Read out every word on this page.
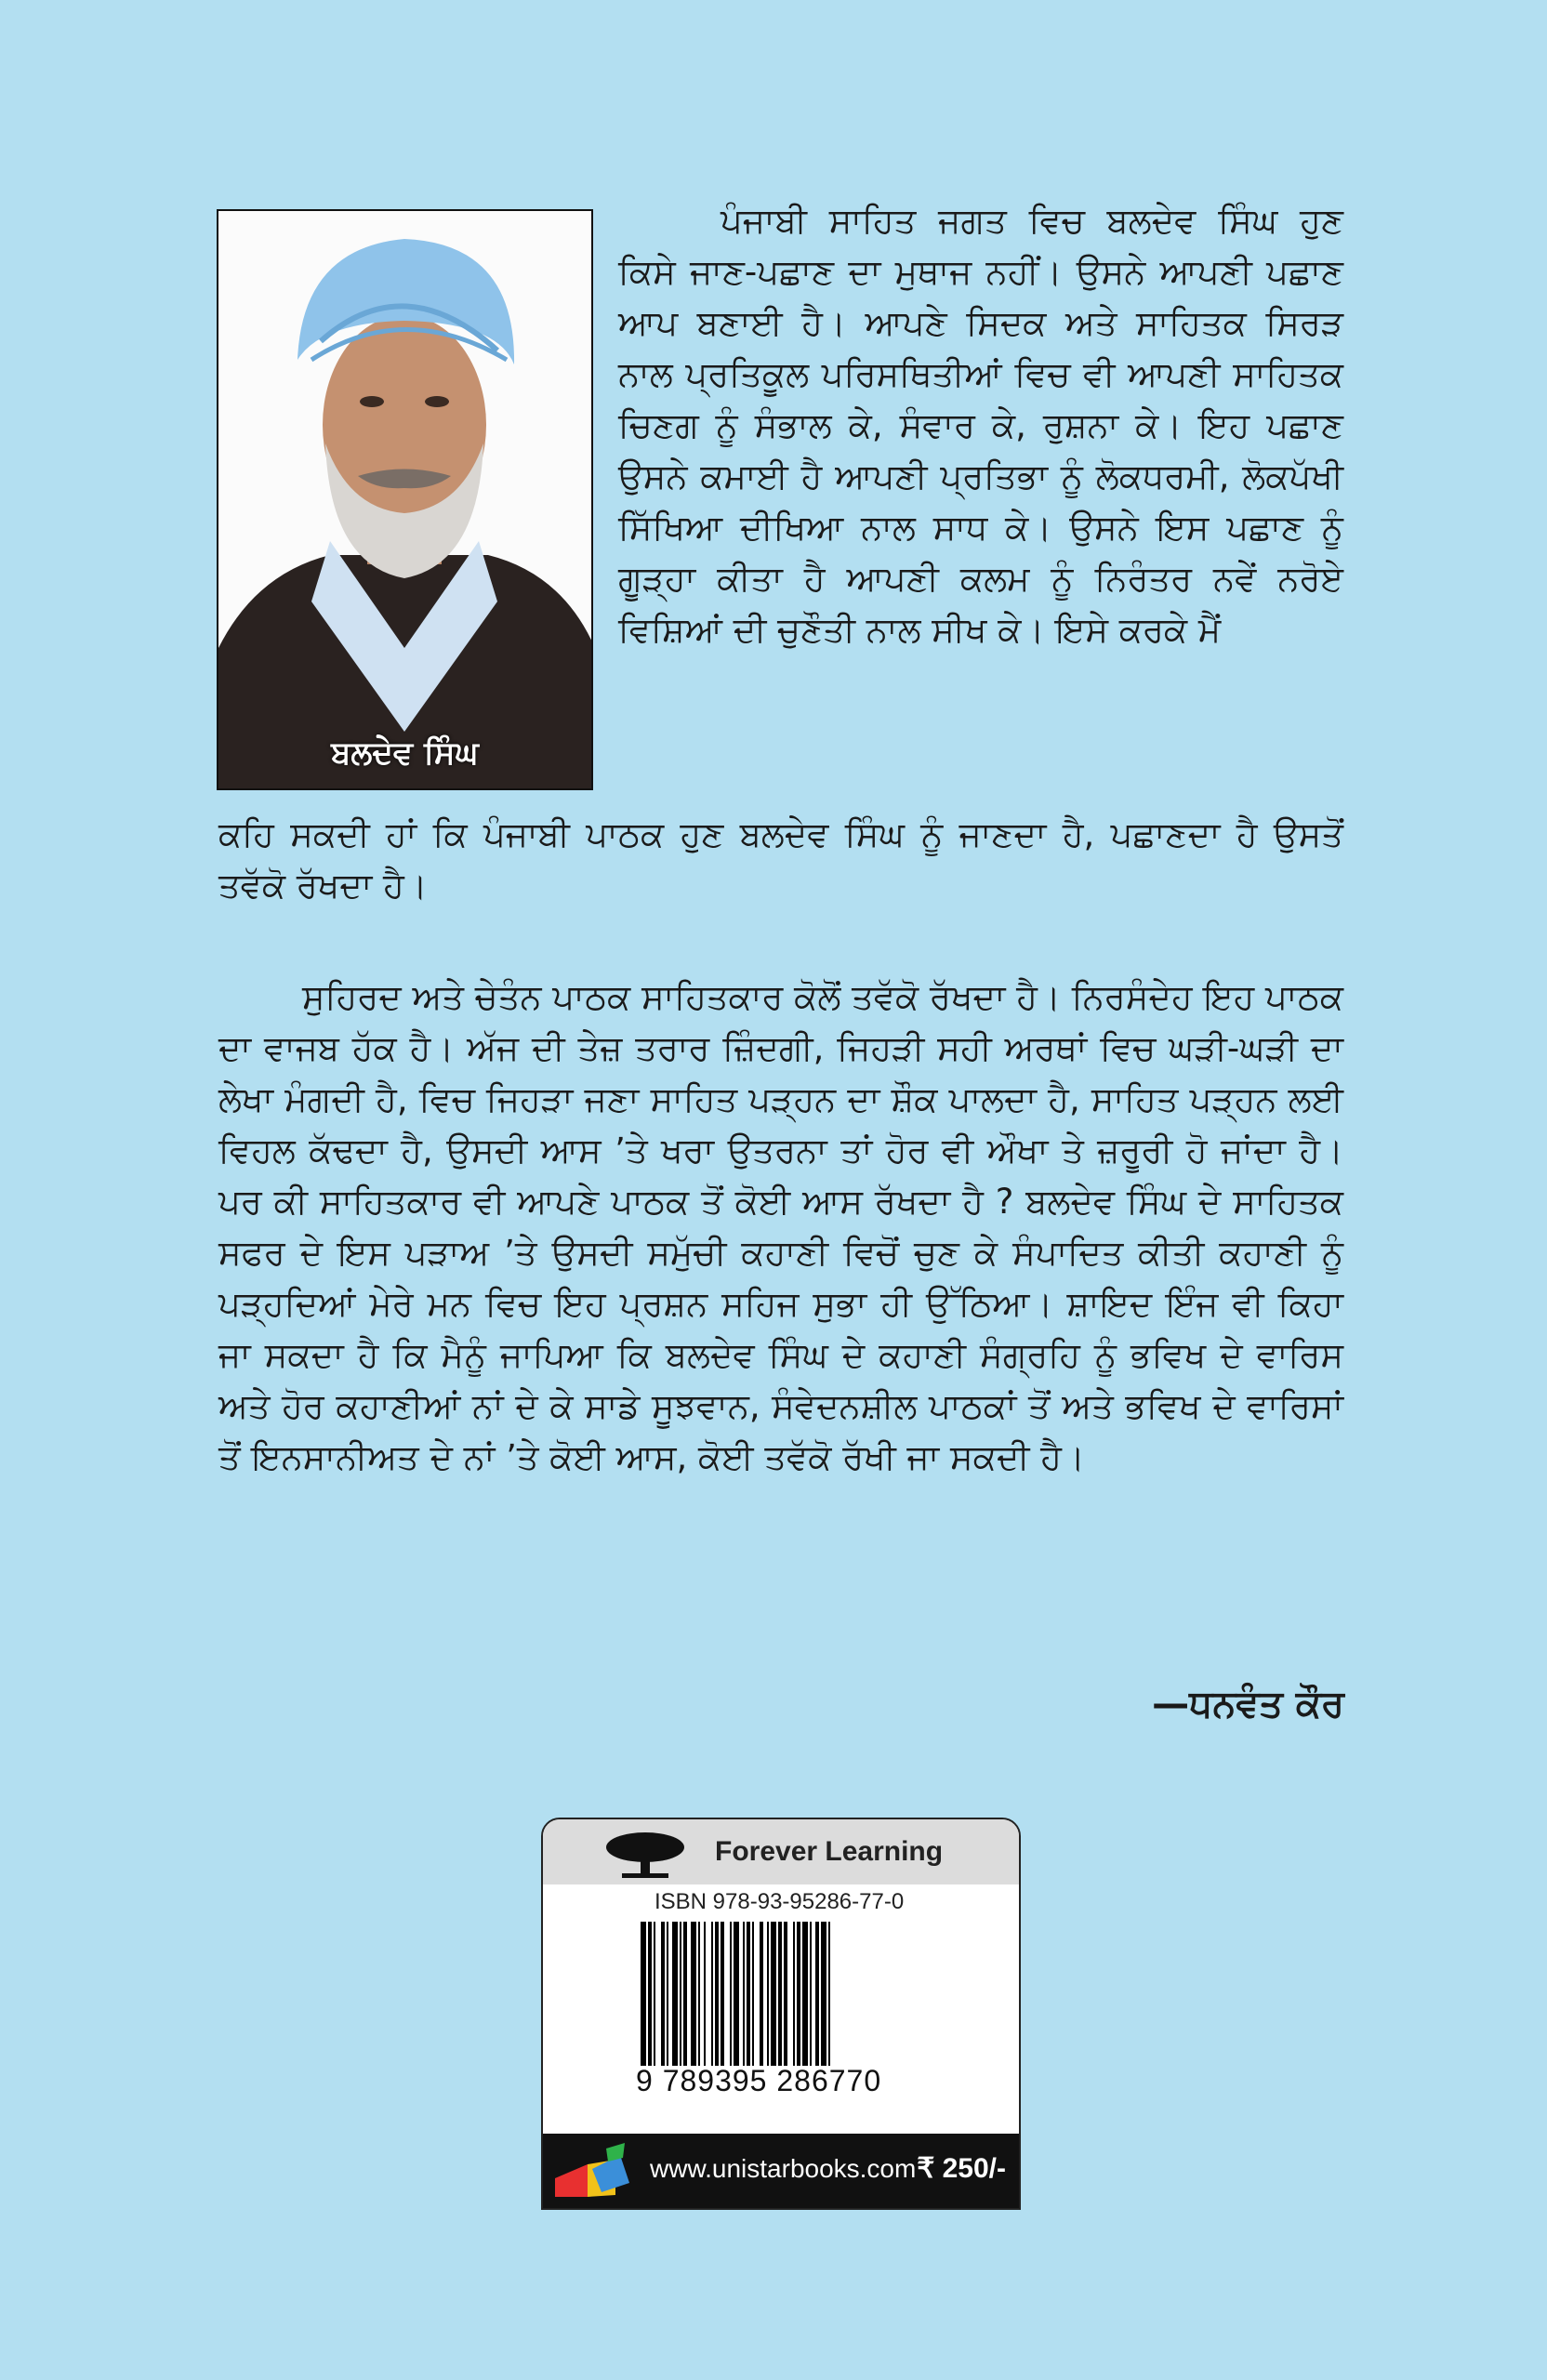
ਬਲਦੇਵ ਸਿੰਘ

ਪੰਜਾਬੀ ਸਾਹਿਤ ਜਗਤ ਵਿਚ ਬਲਦੇਵ ਸਿੰਘ ਹੁਣ ਕਿਸੇ ਜਾਣ-ਪਛਾਣ ਦਾ ਮੁਥਾਜ ਨਹੀਂ। ਉਸਨੇ ਆਪਣੀ ਪਛਾਣ ਆਪ ਬਣਾਈ ਹੈ। ਆਪਣੇ ਸਿਦਕ ਅਤੇ ਸਾਹਿਤਕ ਸਿਰੜ ਨਾਲ ਪ੍ਰਤਿਕੂਲ ਪਰਿਸਥਿਤੀਆਂ ਵਿਚ ਵੀ ਆਪਣੀ ਸਾਹਿਤਕ ਚਿਣਗ ਨੂੰ ਸੰਭਾਲ ਕੇ, ਸੰਵਾਰ ਕੇ, ਰੁਸ਼ਨਾ ਕੇ। ਇਹ ਪਛਾਣ ਉਸਨੇ ਕਮਾਈ ਹੈ ਆਪਣੀ ਪ੍ਰਤਿਭਾ ਨੂੰ ਲੋਕਧਰਮੀ, ਲੋਕਪੱਖੀ ਸਿੱਖਿਆ ਦੀਖਿਆ ਨਾਲ ਸਾਧ ਕੇ। ਉਸਨੇ ਇਸ ਪਛਾਣ ਨੂੰ ਗੂੜ੍ਹਾ ਕੀਤਾ ਹੈ ਆਪਣੀ ਕਲਮ ਨੂੰ ਨਿਰੰਤਰ ਨਵੇਂ ਨਰੋਏ ਵਿਸ਼ਿਆਂ ਦੀ ਚੁਣੌਤੀ ਨਾਲ ਸੀਖ ਕੇ। ਇਸੇ ਕਰਕੇ ਮੈਂ

ਕਹਿ ਸਕਦੀ ਹਾਂ ਕਿ ਪੰਜਾਬੀ ਪਾਠਕ ਹੁਣ ਬਲਦੇਵ ਸਿੰਘ ਨੂੰ ਜਾਣਦਾ ਹੈ, ਪਛਾਣਦਾ ਹੈ ਉਸਤੋਂ ਤਵੱਕੋ ਰੱਖਦਾ ਹੈ।

ਸੁਹਿਰਦ ਅਤੇ ਚੇਤੰਨ ਪਾਠਕ ਸਾਹਿਤਕਾਰ ਕੋਲੋਂ ਤਵੱਕੋ ਰੱਖਦਾ ਹੈ। ਨਿਰਸੰਦੇਹ ਇਹ ਪਾਠਕ ਦਾ ਵਾਜਬ ਹੱਕ ਹੈ। ਅੱਜ ਦੀ ਤੇਜ਼ ਤਰਾਰ ਜ਼ਿੰਦਗੀ, ਜਿਹੜੀ ਸਹੀ ਅਰਥਾਂ ਵਿਚ ਘੜੀ-ਘੜੀ ਦਾ ਲੇਖਾ ਮੰਗਦੀ ਹੈ, ਵਿਚ ਜਿਹੜਾ ਜਣਾ ਸਾਹਿਤ ਪੜ੍ਹਨ ਦਾ ਸ਼ੌਕ ਪਾਲਦਾ ਹੈ, ਸਾਹਿਤ ਪੜ੍ਹਨ ਲਈ ਵਿਹਲ ਕੱਢਦਾ ਹੈ, ਉਸਦੀ ਆਸ ’ਤੇ ਖਰਾ ਉਤਰਨਾ ਤਾਂ ਹੋਰ ਵੀ ਔਖਾ ਤੇ ਜ਼ਰੂਰੀ ਹੋ ਜਾਂਦਾ ਹੈ। ਪਰ ਕੀ ਸਾਹਿਤਕਾਰ ਵੀ ਆਪਣੇ ਪਾਠਕ ਤੋਂ ਕੋਈ ਆਸ ਰੱਖਦਾ ਹੈ ? ਬਲਦੇਵ ਸਿੰਘ ਦੇ ਸਾਹਿਤਕ ਸਫਰ ਦੇ ਇਸ ਪੜਾਅ ’ਤੇ ਉਸਦੀ ਸਮੁੱਚੀ ਕਹਾਣੀ ਵਿਚੋਂ ਚੁਣ ਕੇ ਸੰਪਾਦਿਤ ਕੀਤੀ ਕਹਾਣੀ ਨੂੰ ਪੜ੍ਹਦਿਆਂ ਮੇਰੇ ਮਨ ਵਿਚ ਇਹ ਪ੍ਰਸ਼ਨ ਸਹਿਜ ਸੁਭਾ ਹੀ ਉੱਠਿਆ। ਸ਼ਾਇਦ ਇੰਜ ਵੀ ਕਿਹਾ ਜਾ ਸਕਦਾ ਹੈ ਕਿ ਮੈਨੂੰ ਜਾਪਿਆ ਕਿ ਬਲਦੇਵ ਸਿੰਘ ਦੇ ਕਹਾਣੀ ਸੰਗ੍ਰਹਿ ਨੂੰ ਭਵਿਖ ਦੇ ਵਾਰਿਸ ਅਤੇ ਹੋਰ ਕਹਾਣੀਆਂ ਨਾਂ ਦੇ ਕੇ ਸਾਡੇ ਸੂਝਵਾਨ, ਸੰਵੇਦਨਸ਼ੀਲ ਪਾਠਕਾਂ ਤੋਂ ਅਤੇ ਭਵਿਖ ਦੇ ਵਾਰਿਸਾਂ ਤੋਂ ਇਨਸਾਨੀਅਤ ਦੇ ਨਾਂ ’ਤੇ ਕੋਈ ਆਸ, ਕੋਈ ਤਵੱਕੋ ਰੱਖੀ ਜਾ ਸਕਦੀ ਹੈ।

—ਧਨਵੰਤ ਕੌਰ
Forever Learning
ISBN 978-93-95286-77-0
9 789395 286770
www.unistarbooks.com ₹ 250/-
